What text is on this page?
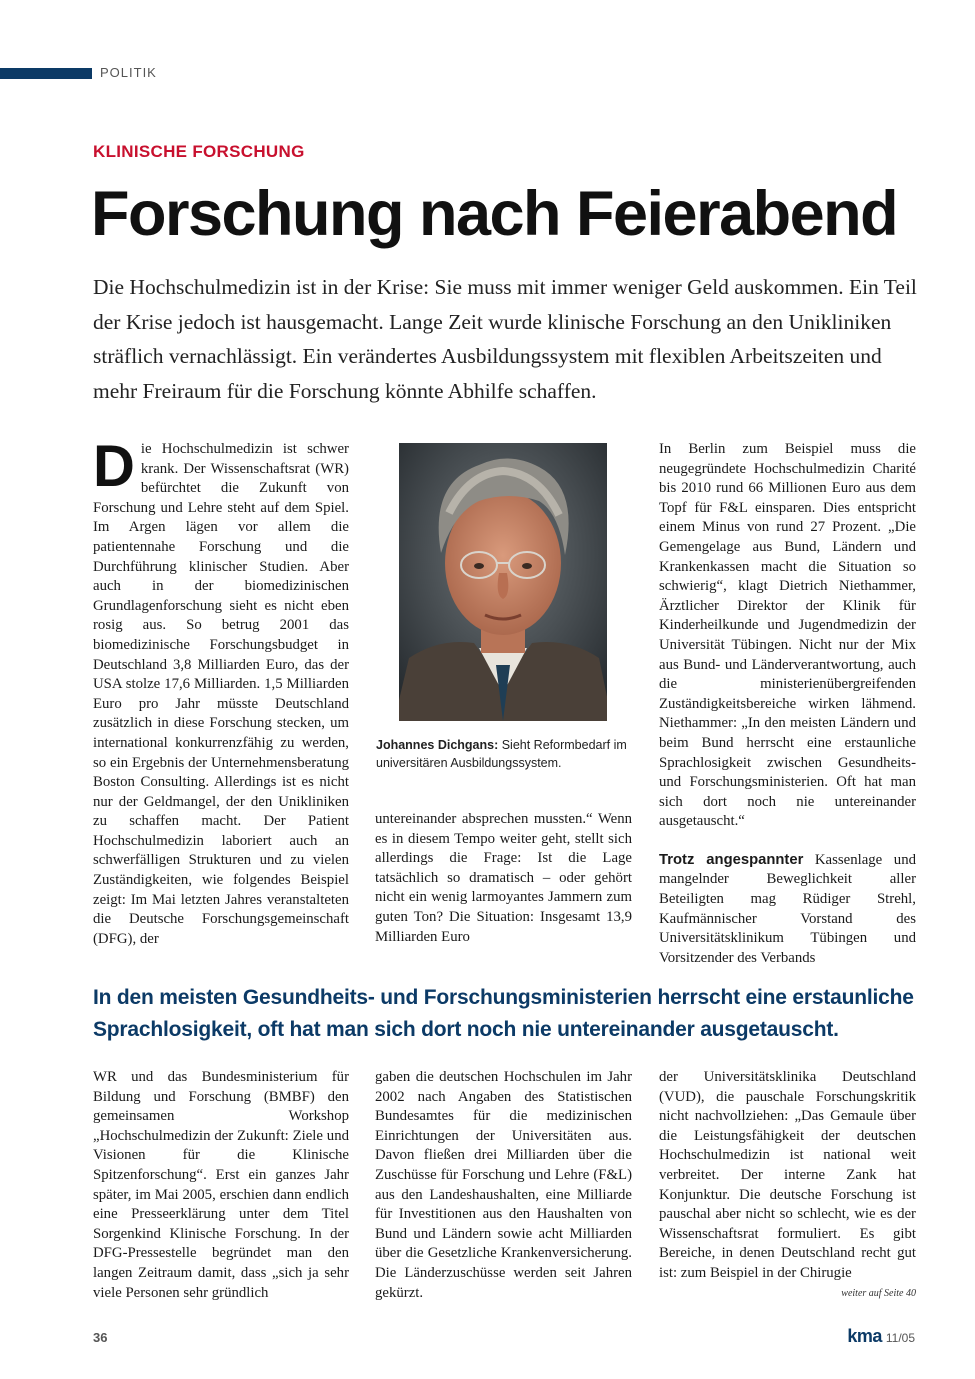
POLITIK
KLINISCHE FORSCHUNG
Forschung nach Feierabend
Die Hochschulmedizin ist in der Krise: Sie muss mit immer weniger Geld auskommen. Ein Teil der Krise jedoch ist hausgemacht. Lange Zeit wurde klinische Forschung an den Unikliniken sträflich vernachlässigt. Ein verändertes Ausbildungssystem mit flexiblen Arbeitszeiten und mehr Freiraum für die Forschung könnte Abhilfe schaffen.
Die Hochschulmedizin ist schwer krank. Der Wissenschaftsrat (WR) befürchtet die Zukunft von Forschung und Lehre steht auf dem Spiel. Im Argen lägen vor allem die patientennahe Forschung und die Durchführung klinischer Studien. Aber auch in der biomedizinischen Grundlagenforschung sieht es nicht eben rosig aus. So betrug 2001 das biomedizinische Forschungsbudget in Deutschland 3,8 Milliarden Euro, das der USA stolze 17,6 Milliarden. 1,5 Milliarden Euro pro Jahr müsste Deutschland zusätzlich in diese Forschung stecken, um international konkurrenzfähig zu werden, so ein Ergebnis der Unternehmensberatung Boston Consulting. Allerdings ist es nicht nur der Geldmangel, der den Unikliniken zu schaffen macht. Der Patient Hochschulmedizin laboriert auch an schwerfälligen Strukturen und zu vielen Zuständigkeiten, wie folgendes Beispiel zeigt: Im Mai letzten Jahres veranstalteten die Deutsche Forschungsgemeinschaft (DFG), der
Johannes Dichgans: Sieht Reformbedarf im universitären Ausbildungssystem.
untereinander absprechen mussten.“ Wenn es in diesem Tempo weiter geht, stellt sich allerdings die Frage: Ist die Lage tatsächlich so dramatisch – oder gehört nicht ein wenig larmoyantes Jammern zum guten Ton? Die Situation: Insgesamt 13,9 Milliarden Euro
In Berlin zum Beispiel muss die neugegründete Hochschulmedizin Charité bis 2010 rund 66 Millionen Euro aus dem Topf für F&L einsparen. Dies entspricht einem Minus von rund 27 Prozent. „Die Gemengelage aus Bund, Ländern und Krankenkassen macht die Situation so schwierig“, klagt Dietrich Niethammer, Ärztlicher Direktor der Klinik für Kinderheilkunde und Jugendmedizin der Universität Tübingen. Nicht nur der Mix aus Bund- und Länderverantwortung, auch die ministerienübergreifenden Zuständigkeitsbereiche wirken lähmend. Niethammer: „In den meisten Ländern und beim Bund herrscht eine erstaunliche Sprachlosigkeit zwischen Gesundheits- und Forschungsministerien. Oft hat man sich dort noch nie untereinander ausgetauscht.“
Trotz angespannter Kassenlage und mangelnder Beweglichkeit aller Beteiligten mag Rüdiger Strehl, Kaufmännischer Vorstand des Universitätsklinikum Tübingen und Vorsitzender des Verbands
In den meisten Gesundheits- und Forschungsministerien herrscht eine erstaunliche Sprachlosigkeit, oft hat man sich dort noch nie untereinander ausgetauscht.
WR und das Bundesministerium für Bildung und Forschung (BMBF) den gemeinsamen Workshop „Hochschulmedizin der Zukunft: Ziele und Visionen für die Klinische Spitzenforschung“. Erst ein ganzes Jahr später, im Mai 2005, erschien dann endlich eine Presseerklärung unter dem Titel Sorgenkind Klinische Forschung. In der DFG-Pressestelle begründet man den langen Zeitraum damit, dass „sich ja sehr viele Personen sehr gründlich
gaben die deutschen Hochschulen im Jahr 2002 nach Angaben des Statistischen Bundesamtes für die medizinischen Einrichtungen der Universitäten aus. Davon fließen drei Milliarden über die Zuschüsse für Forschung und Lehre (F&L) aus den Landeshaushalten, eine Milliarde für Investitionen aus den Haushalten von Bund und Ländern sowie acht Milliarden über die Gesetzliche Krankenversicherung. Die Länderzuschüsse werden seit Jahren gekürzt.
der Universitätsklinika Deutschland (VUD), die pauschale Forschungskritik nicht nachvollziehen: „Das Gemaule über die Leistungsfähigkeit der deutschen Hochschulmedizin ist national weit verbreitet. Der interne Zank hat Konjunktur. Die deutsche Forschung ist pauschal aber nicht so schlecht, wie es der Wissenschaftsrat formuliert. Es gibt Bereiche, in denen Deutschland recht gut ist: zum Beispiel in der Chirugie
weiter auf Seite 40
36	kma 11/05
